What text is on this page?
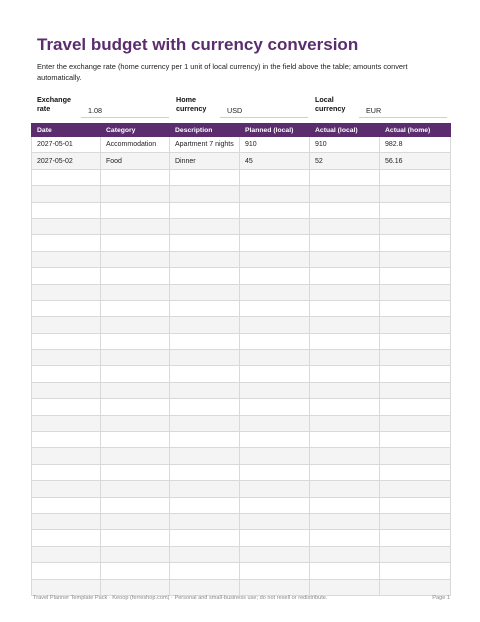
Travel budget with currency conversion

Enter the exchange rate (home currency per 1 unit of local currency) in the field above the table; amounts convert automatically.

Exchange rate	1.08
Home currency	USD
Local currency	EUR
Date	Category	Description	Planned (local)	Actual (local)	Actual (home)
2027-05-01	Accommodation	Apartment 7 nights	910	910	982.8
2027-05-02	Food	Dinner	45	52	56.16

Travel Planner Template Pack · Keoop (ferreshop.com) · Personal and small-business use; do not resell or redistribute.	Page 1
